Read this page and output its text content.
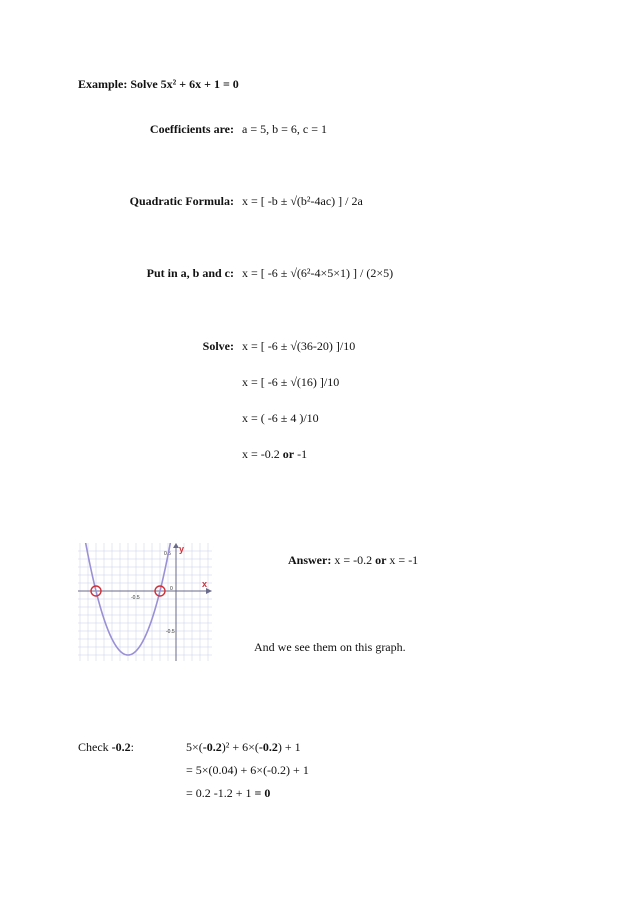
Example: Solve 5x² + 6x + 1 = 0
Coefficients are: a = 5, b = 6, c = 1
Quadratic Formula: x = [ -b ± √(b²-4ac) ] / 2a
Put in a, b and c: x = [ -6 ± √(6²-4×5×1) ] / (2×5)
Solve: x = [ -6 ± √(36-20) ]/10
x = [ -6 ± √(16) ]/10
x = ( -6 ± 4 )/10
x = -0.2 or -1
x
y
-0.5
0.5
0
-0.5
Answer: x = -0.2 or x = -1
And we see them on this graph.
Check -0.2:	5×(-0.2)² + 6×(-0.2) + 1
= 5×(0.04) + 6×(-0.2) + 1
= 0.2 -1.2 + 1 = 0
